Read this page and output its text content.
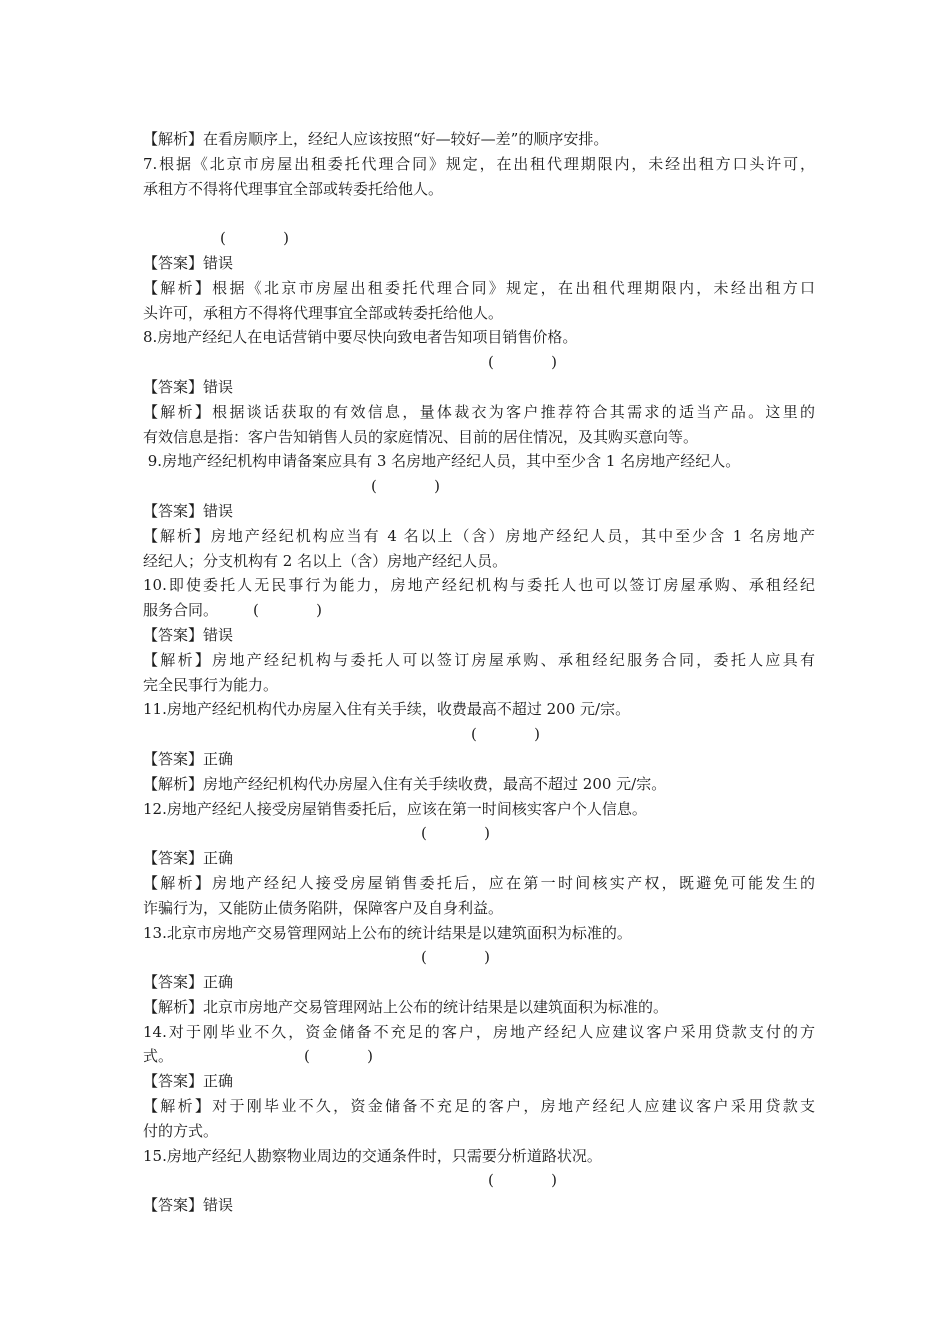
【解析】在看房顺序上，经纪人应该按照“好—较好—差”的顺序安排。
7.根据《北京市房屋出租委托代理合同》规定，在出租代理期限内，未经出租方口头许可，
承租方不得将代理事宜全部或转委托给他人。
(            )
【答案】错误
【解析】根据《北京市房屋出租委托代理合同》规定，在出租代理期限内，未经出租方口
头许可，承租方不得将代理事宜全部或转委托给他人。
8.房地产经纪人在电话营销中要尽快向致电者告知项目销售价格。
(            )
【答案】错误
【解析】根据谈话获取的有效信息，量体裁衣为客户推荐符合其需求的适当产品。这里的
有效信息是指：客户告知销售人员的家庭情况、目前的居住情况，及其购买意向等。
9.房地产经纪机构申请备案应具有 3 名房地产经纪人员，其中至少含 1 名房地产经纪人。
(            )
【答案】错误
【解析】房地产经纪机构应当有 4 名以上（含）房地产经纪人员，其中至少含 1 名房地产
经纪人；分支机构有 2 名以上（含）房地产经纪人员。
10.即使委托人无民事行为能力，房地产经纪机构与委托人也可以签订房屋承购、承租经纪
服务合同。 (            )
【答案】错误
【解析】房地产经纪机构与委托人可以签订房屋承购、承租经纪服务合同，委托人应具有
完全民事行为能力。
11.房地产经纪机构代办房屋入住有关手续，收费最高不超过 200 元/宗。
(            )
【答案】正确
【解析】房地产经纪机构代办房屋入住有关手续收费，最高不超过 200 元/宗。
12.房地产经纪人接受房屋销售委托后，应该在第一时间核实客户个人信息。
(            )
【答案】正确
【解析】房地产经纪人接受房屋销售委托后，应在第一时间核实产权，既避免可能发生的
诈骗行为，又能防止债务陷阱，保障客户及自身利益。
13.北京市房地产交易管理网站上公布的统计结果是以建筑面积为标准的。
(            )
【答案】正确
【解析】北京市房地产交易管理网站上公布的统计结果是以建筑面积为标准的。
14.对于刚毕业不久，资金储备不充足的客户，房地产经纪人应建议客户采用贷款支付的方
式。	(            )
【答案】正确
【解析】对于刚毕业不久，资金储备不充足的客户，房地产经纪人应建议客户采用贷款支
付的方式。
15.房地产经纪人勘察物业周边的交通条件时，只需要分析道路状况。
(            )
【答案】错误
